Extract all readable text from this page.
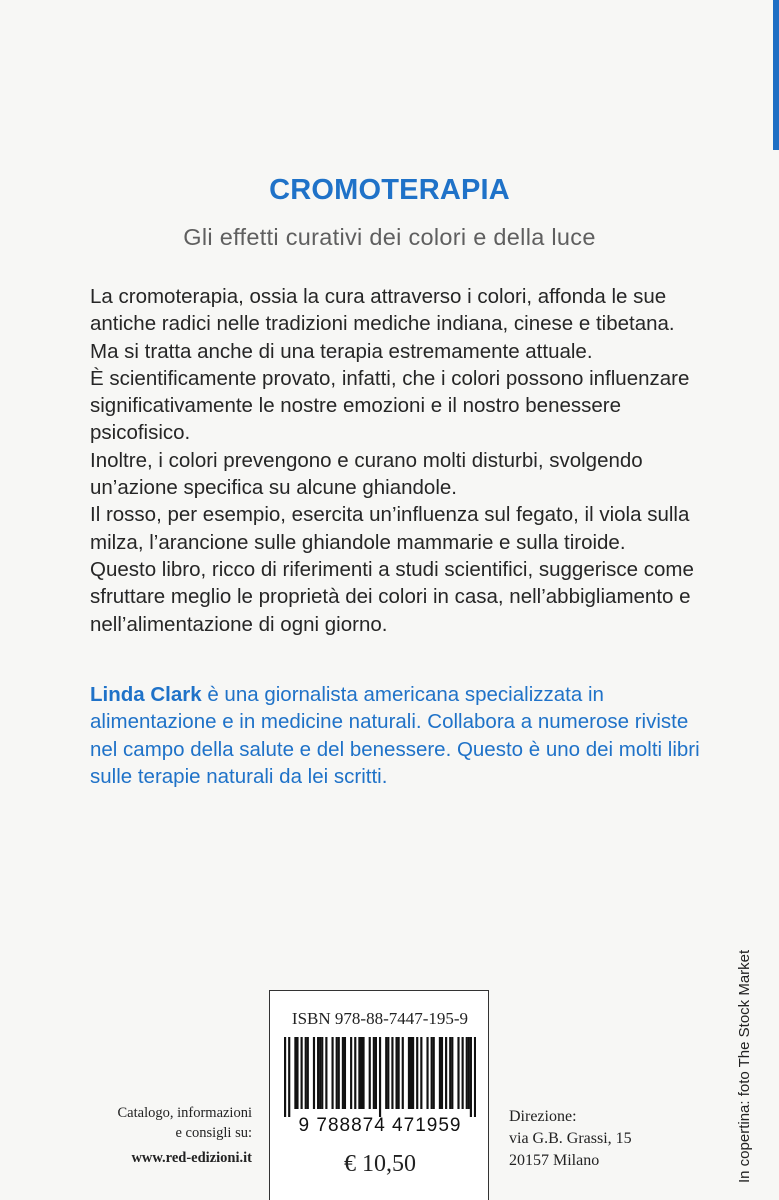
CROMOTERAPIA
Gli effetti curativi dei colori e della luce

La cromoterapia, ossia la cura attraverso i colori, affonda le sue antiche radici nelle tradizioni mediche indiana, cinese e tibetana. Ma si tratta anche di una terapia estremamente attuale.

È scientificamente provato, infatti, che i colori possono influenzare significativamente le nostre emozioni e il nostro benessere psicofisico.

Inoltre, i colori prevengono e curano molti disturbi, svolgendo un’azione specifica su alcune ghiandole.

Il rosso, per esempio, esercita un’influenza sul fegato, il viola sulla milza, l’arancione sulle ghiandole mammarie e sulla tiroide.

Questo libro, ricco di riferimenti a studi scientifici, suggerisce come sfruttare meglio le proprietà dei colori in casa, nell’abbigliamento e nell’alimentazione di ogni giorno.

Linda Clark è una giornalista americana specializzata in alimentazione e in medicine naturali. Collabora a numerose riviste nel campo della salute e del benessere. Questo è uno dei molti libri sulle terapie naturali da lei scritti.
ISBN 978-88-7447-195-9
9 788874 471959
€ 10,50
Catalogo, informazioni
e consigli su:
www.red-edizioni.it
Direzione:
via G.B. Grassi, 15
20157 Milano	In copertina: foto The Stock Market
